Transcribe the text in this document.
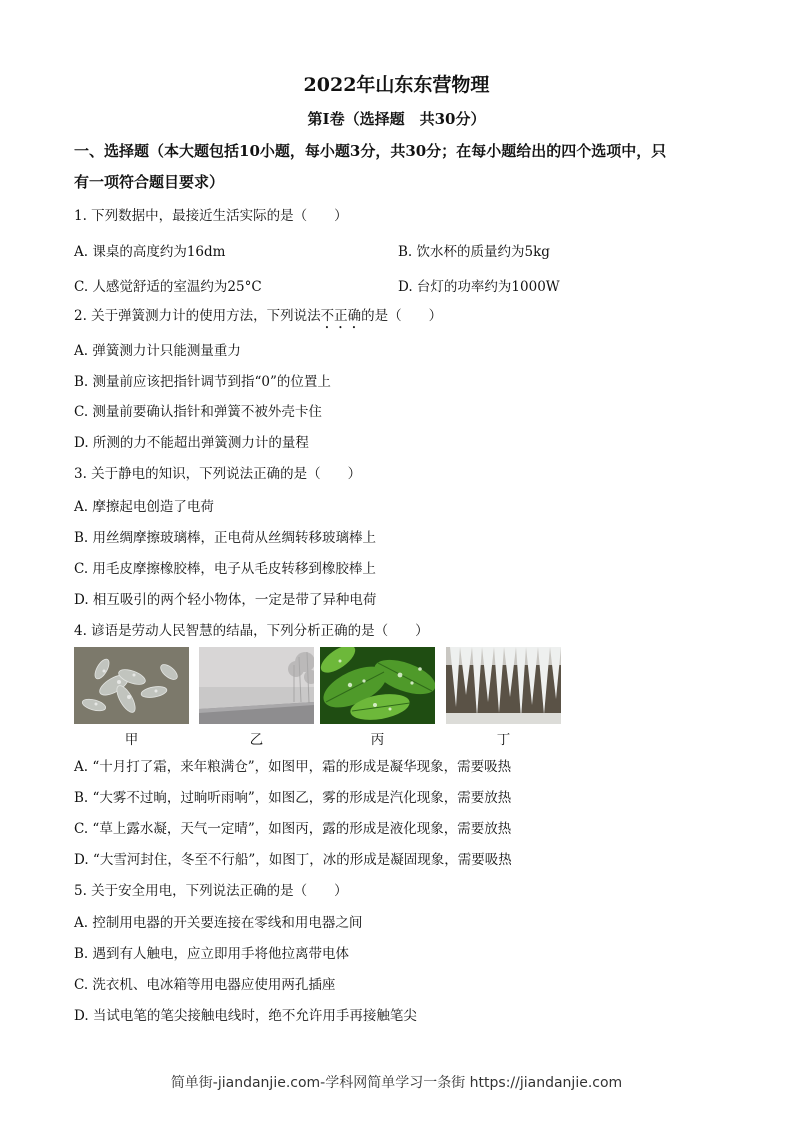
2022年山东东营物理
第Ⅰ卷（选择题　共30分）
一、选择题（本大题包括10小题，每小题3分，共30分；在每小题给出的四个选项中，只
有一项符合题目要求）
1. 下列数据中，最接近生活实际的是（　　）
A. 课桌的高度约为16dm	B. 饮水杯的质量约为5kg
C. 人感觉舒适的室温约为25°C	D. 台灯的功率约为1000W
2. 关于弹簧测力计的使用方法，下列说法不正确的是（　　）
A. 弹簧测力计只能测量重力
B. 测量前应该把指针调节到指“0”的位置上
C. 测量前要确认指针和弹簧不被外壳卡住
D. 所测的力不能超出弹簧测力计的量程
3. 关于静电的知识，下列说法正确的是（　　）
A. 摩擦起电创造了电荷
B. 用丝绸摩擦玻璃棒，正电荷从丝绸转移玻璃棒上
C. 用毛皮摩擦橡胶棒，电子从毛皮转移到橡胶棒上
D. 相互吸引的两个轻小物体，一定是带了异种电荷
4. 谚语是劳动人民智慧的结晶，下列分析正确的是（　　）
甲	乙	丙	丁
A. “十月打了霜，来年粮满仓”，如图甲，霜的形成是凝华现象，需要吸热
B. “大雾不过晌，过晌听雨响”，如图乙，雾的形成是汽化现象，需要放热
C. “草上露水凝，天气一定晴”，如图丙，露的形成是液化现象，需要放热
D. “大雪河封住，冬至不行船”，如图丁，冰的形成是凝固现象，需要吸热
5. 关于安全用电，下列说法正确的是（　　）
A. 控制用电器的开关要连接在零线和用电器之间
B. 遇到有人触电，应立即用手将他拉离带电体
C. 洗衣机、电冰箱等用电器应使用两孔插座
D. 当试电笔的笔尖接触电线时，绝不允许用手再接触笔尖
简单街-jiandanjie.com-学科网简单学习一条街 https://jiandanjie.com
